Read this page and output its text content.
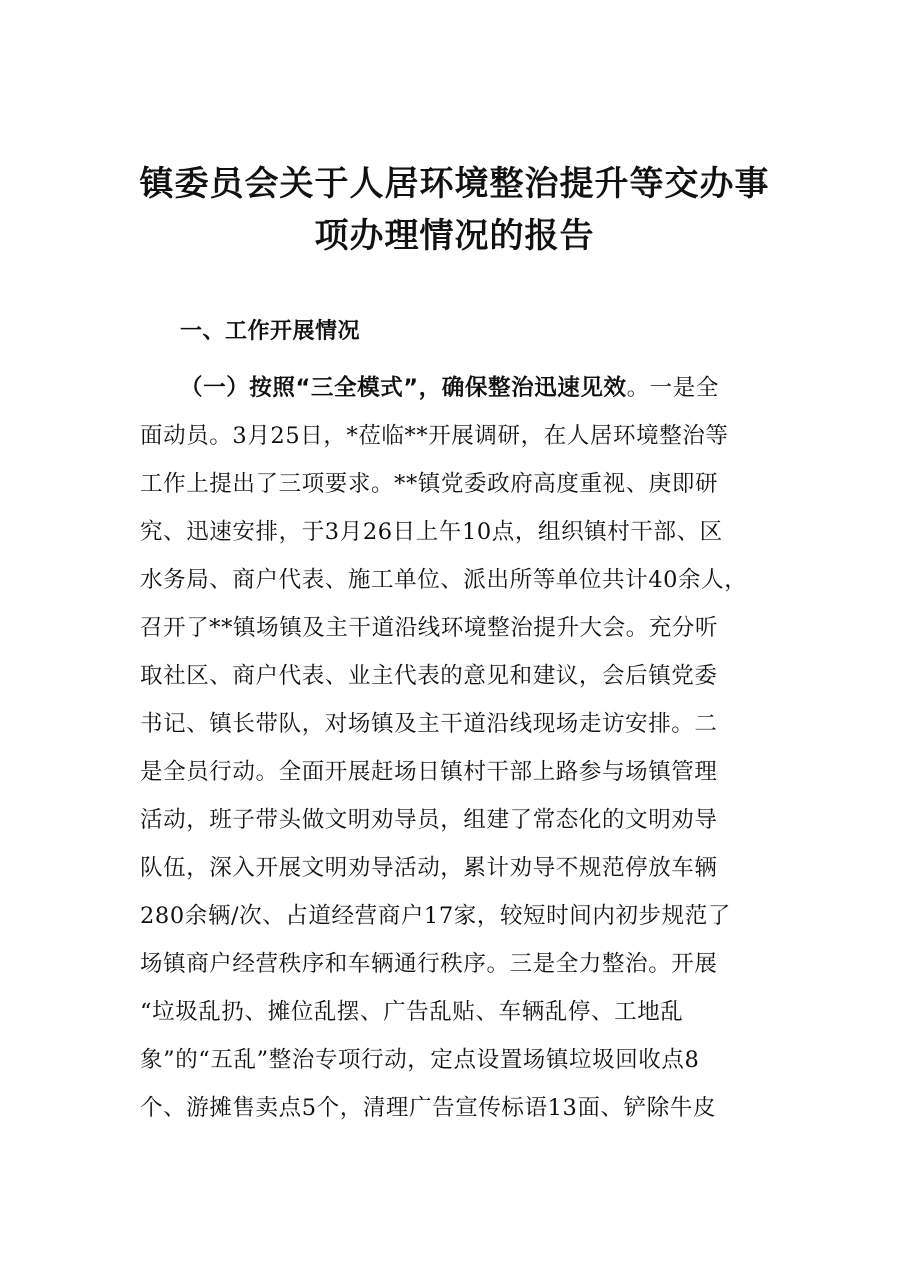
镇委员会关于人居环境整治提升等交办事
项办理情况的报告
一、工作开展情况
（一）按照“三全模式”，确保整治迅速见效。一是全
面动员。3月25日，*莅临**开展调研，在人居环境整治等
工作上提出了三项要求。**镇党委政府高度重视、庚即研
究、迅速安排，于3月26日上午10点，组织镇村干部、区
水务局、商户代表、施工单位、派出所等单位共计40余人，
召开了**镇场镇及主干道沿线环境整治提升大会。充分听
取社区、商户代表、业主代表的意见和建议，会后镇党委
书记、镇长带队，对场镇及主干道沿线现场走访安排。二
是全员行动。全面开展赶场日镇村干部上路参与场镇管理
活动，班子带头做文明劝导员，组建了常态化的文明劝导
队伍，深入开展文明劝导活动，累计劝导不规范停放车辆
280余辆/次、占道经营商户17家，较短时间内初步规范了
场镇商户经营秩序和车辆通行秩序。三是全力整治。开展
“垃圾乱扔、摊位乱摆、广告乱贴、车辆乱停、工地乱
象”的“五乱”整治专项行动，定点设置场镇垃圾回收点8
个、游摊售卖点5个，清理广告宣传标语13面、铲除牛皮
